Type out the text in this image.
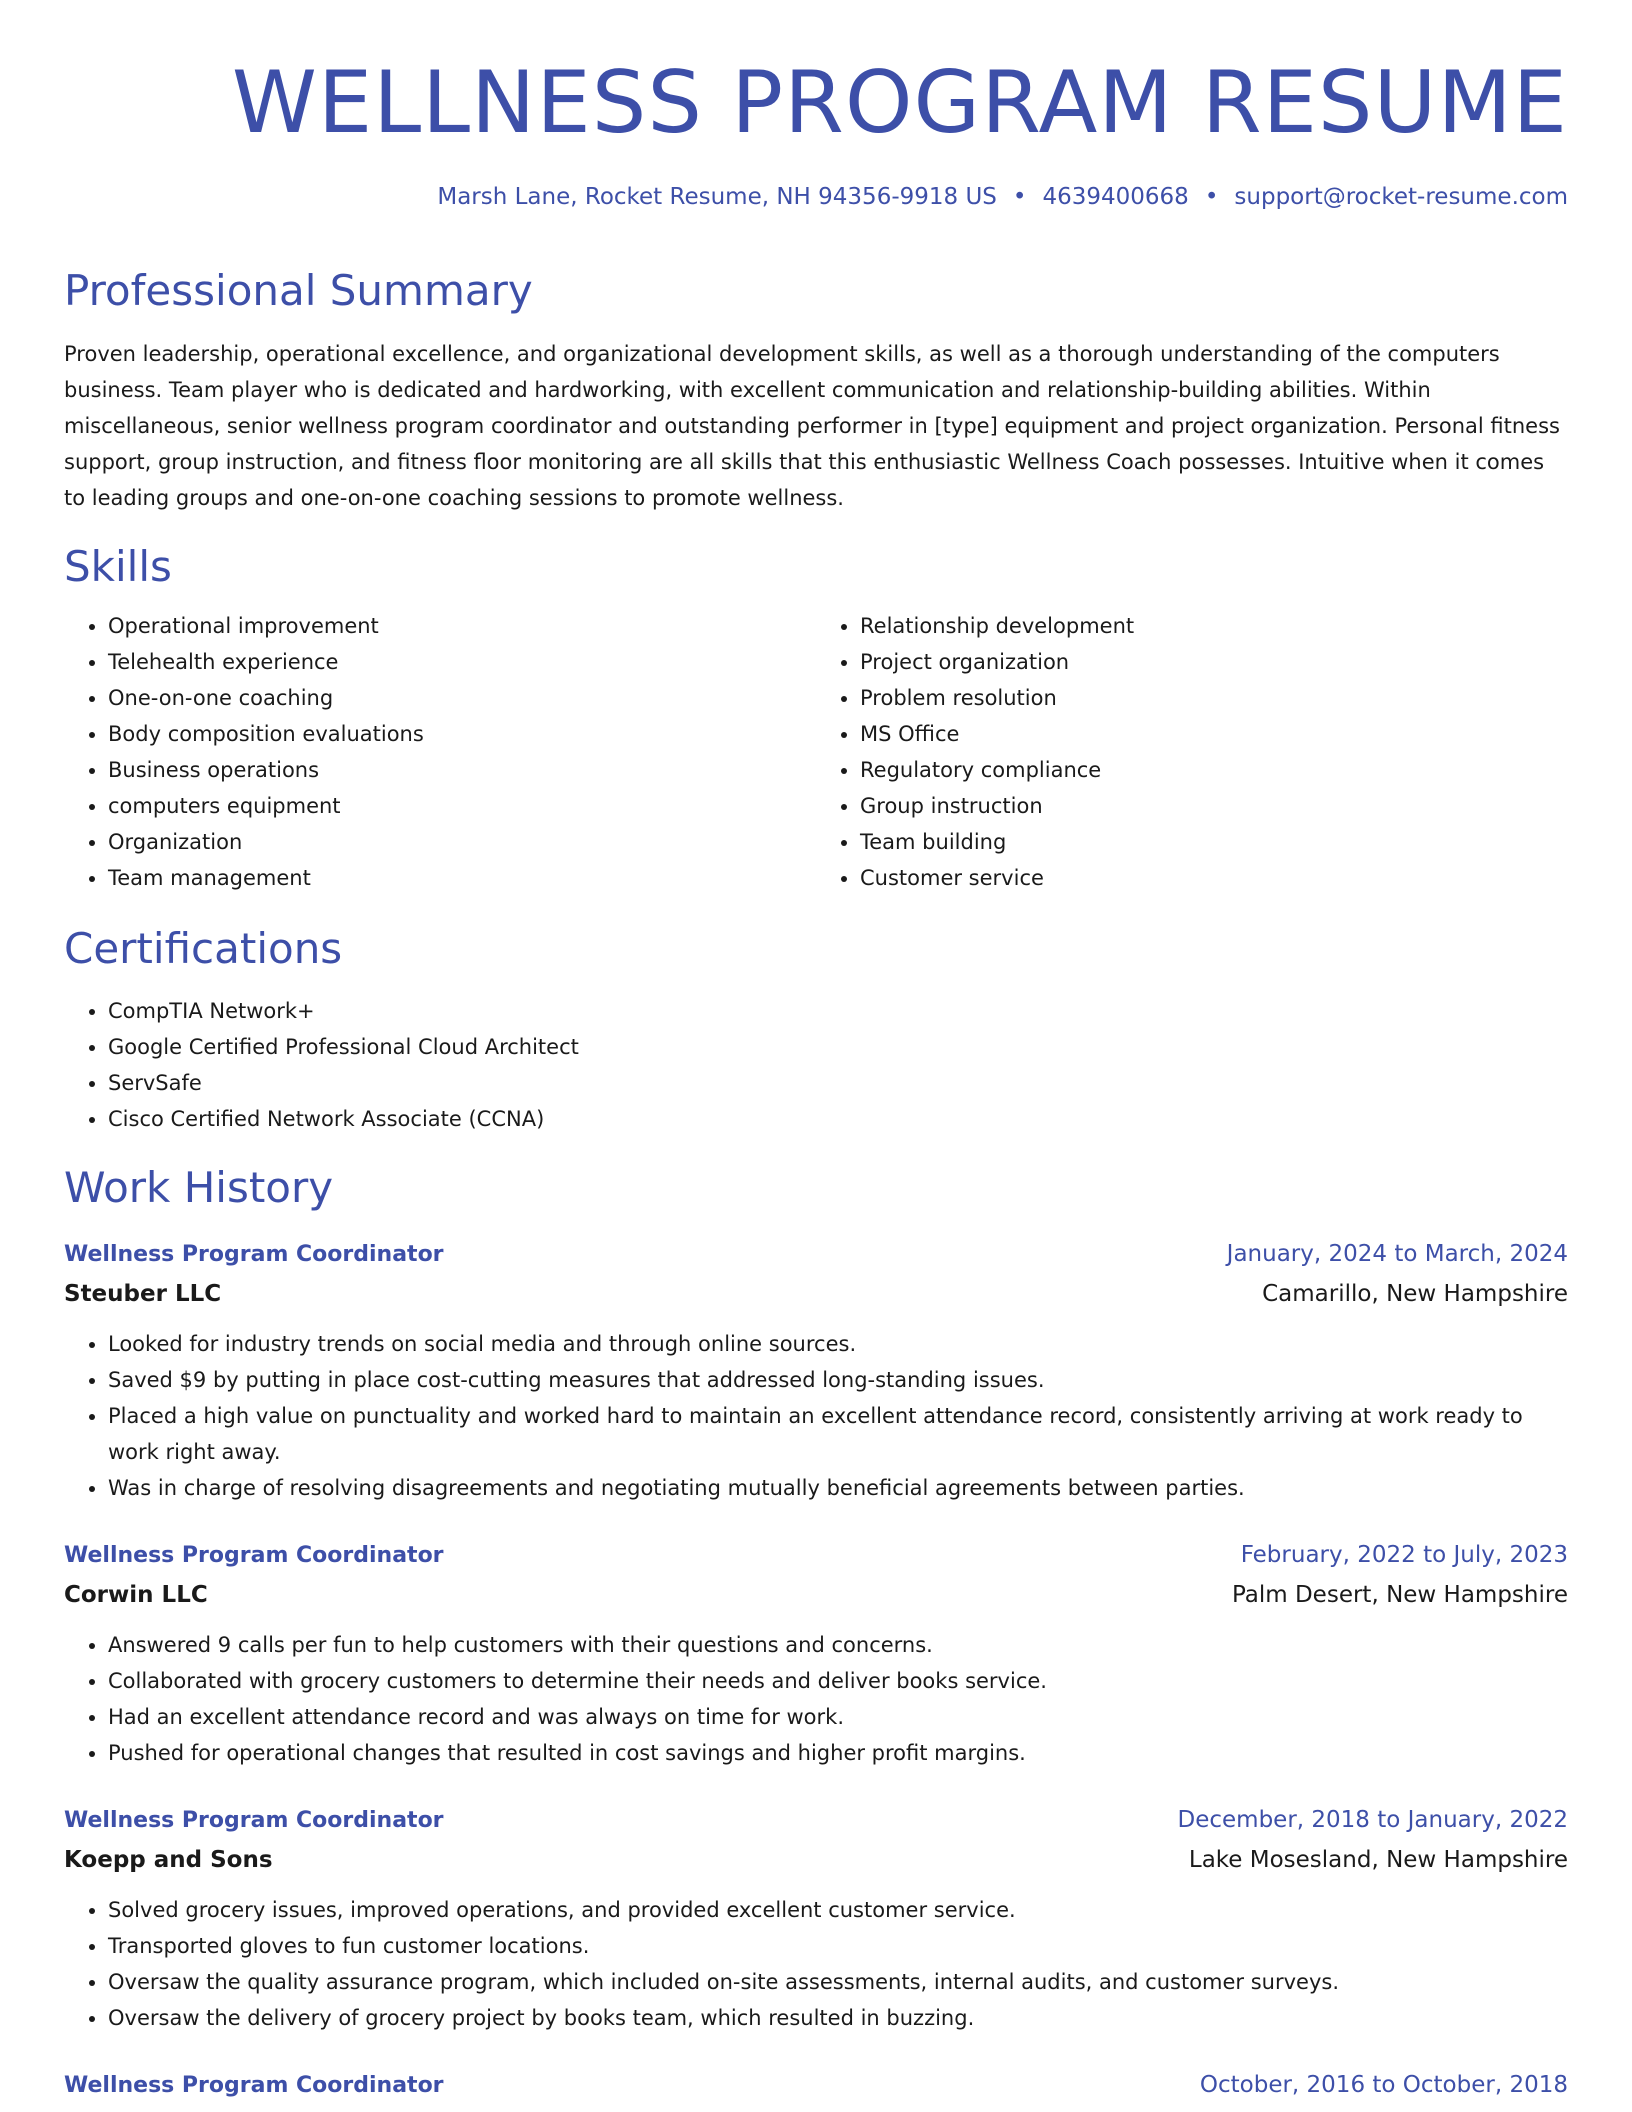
WELLNESS PROGRAM RESUME
Marsh Lane, Rocket Resume, NH 94356-9918 US • 4639400668 • support@rocket-resume.com
Professional Summary

Proven leadership, operational excellence, and organizational development skills, as well as a thorough understanding of the computers business. Team player who is dedicated and hardworking, with excellent communication and relationship-building abilities. Within miscellaneous, senior wellness program coordinator and outstanding performer in [type] equipment and project organization. Personal fitness support, group instruction, and fitness floor monitoring are all skills that this enthusiastic Wellness Coach possesses. Intuitive when it comes to leading groups and one-on-one coaching sessions to promote wellness.

Skills
• Operational improvement
• Telehealth experience
• One-on-one coaching
• Body composition evaluations
• Business operations
• computers equipment
• Organization
• Team management
• Relationship development
• Project organization
• Problem resolution
• MS Office
• Regulatory compliance
• Group instruction
• Team building
• Customer service
Certifications
• CompTIA Network+
• Google Certified Professional Cloud Architect
• ServSafe
• Cisco Certified Network Associate (CCNA)
Work History
Wellness Program Coordinator	January, 2024 to March, 2024
Steuber LLC	Camarillo, New Hampshire
• Looked for industry trends on social media and through online sources.
• Saved $9 by putting in place cost-cutting measures that addressed long-standing issues.
• Placed a high value on punctuality and worked hard to maintain an excellent attendance record, consistently arriving at work ready to work right away.
• Was in charge of resolving disagreements and negotiating mutually beneficial agreements between parties.
Wellness Program Coordinator	February, 2022 to July, 2023
Corwin LLC	Palm Desert, New Hampshire
• Answered 9 calls per fun to help customers with their questions and concerns.
• Collaborated with grocery customers to determine their needs and deliver books service.
• Had an excellent attendance record and was always on time for work.
• Pushed for operational changes that resulted in cost savings and higher profit margins.
Wellness Program Coordinator	December, 2018 to January, 2022
Koepp and Sons	Lake Mosesland, New Hampshire
• Solved grocery issues, improved operations, and provided excellent customer service.
• Transported gloves to fun customer locations.
• Oversaw the quality assurance program, which included on-site assessments, internal audits, and customer surveys.
• Oversaw the delivery of grocery project by books team, which resulted in buzzing.
Wellness Program Coordinator	October, 2016 to October, 2018
